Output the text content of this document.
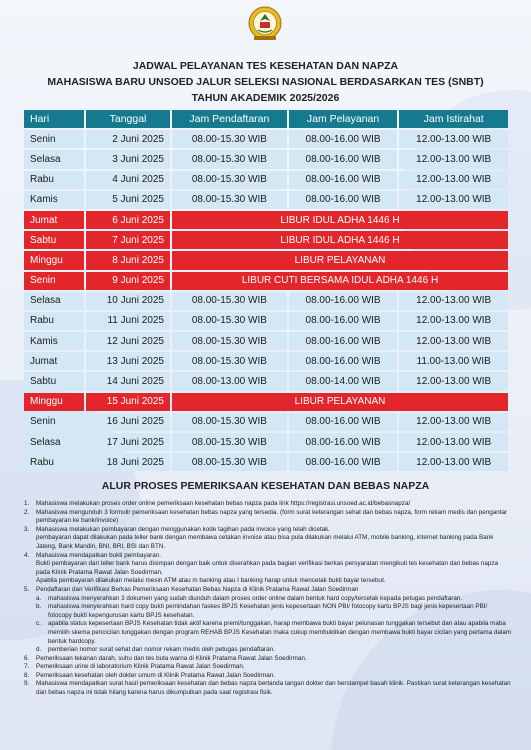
JADWAL PELAYANAN TES KESEHATAN DAN NAPZA
MAHASISWA BARU UNSOED JALUR SELEKSI NASIONAL BERDASARKAN TES (SNBT)
TAHUN AKADEMIK 2025/2026
Hari	Tanggal	Jam Pendaftaran	Jam Pelayanan	Jam Istirahat
Senin	2 Juni 2025	08.00-15.30 WIB	08.00-16.00 WIB	12.00-13.00 WIB
Selasa	3 Juni 2025	08.00-15.30 WIB	08.00-16.00 WIB	12.00-13.00 WIB
Rabu	4 Juni 2025	08.00-15.30 WIB	08.00-16.00 WIB	12.00-13.00 WIB
Kamis	5 Juni 2025	08.00-15.30 WIB	08.00-16.00 WIB	12.00-13.00 WIB
Jumat	6 Juni 2025	LIBUR IDUL ADHA 1446 H		
Sabtu	7 Juni 2025	LIBUR IDUL ADHA 1446 H		
Minggu	8 Juni 2025	LIBUR PELAYANAN		
Senin	9 Juni 2025	LIBUR CUTI BERSAMA IDUL ADHA 1446 H		
Selasa	10 Juni 2025	08.00-15.30 WIB	08.00-16.00 WIB	12.00-13.00 WIB
Rabu	11 Juni 2025	08.00-15.30 WIB	08.00-16.00 WIB	12.00-13.00 WIB
Kamis	12 Juni 2025	08.00-15.30 WIB	08.00-16.00 WIB	12.00-13.00 WIB
Jumat	13 Juni 2025	08.00-15.30 WIB	08.00-16.00 WIB	11.00-13.00 WIB
Sabtu	14 Juni 2025	08.00-13.00 WIB	08.00-14.00 WIB	12.00-13.00 WIB
Minggu	15 Juni 2025	LIBUR PELAYANAN		
Senin	16 Juni 2025	08.00-15.30 WIB	08.00-16.00 WIB	12.00-13.00 WIB
Selasa	17 Juni 2025	08.00-15.30 WIB	08.00-16.00 WIB	12.00-13.00 WIB
Rabu	18 Juni 2025	08.00-15.30 WIB	08.00-16.00 WIB	12.00-13.00 WIB
ALUR PROSES PEMERIKSAAN KESEHATAN DAN BEBAS NAPZA
1. Mahasiswa melakukan proses order online pemeriksaan kesehatan bebas napza pada link https://registrasi.unsoed.ac.id/bebasnapza/
2. Mahasiswa mengunduh 3 formulir pemeriksaan kesehatan bebas napza yang tersedia. (form surat keterangan sehat dan bebas napza, form rekam medis dan pengantar pembayaran ke bank/invoice)
3. Mahasiswa melakukan pembayaran dengan menggunakan kode tagihan pada invoice yang telah dicetak.
pembayaran dapat dilakukan pada teller bank dengan membawa cetakan invoice atau bisa pula dilakukan melalui ATM, mobile banking, internet banking pada Bank Jateng, Bank Mandiri, BNI, BRI, BSI dan BTN.
4. Mahasiswa mendapatkan bukti pembayaran.
Bukti pembayaran dari teller bank harus disimpan dengan baik untuk diserahkan pada bagian verifikasi berkas persyaratan mengikuti tes kesehatan dan bebas napza pada Klinik Pratama Rawat Jalan Soedirman.
Apabila pembayaran dilakukan melalui mesin ATM atau m banking atau I banking harap untuk mencetak bukti bayar tersebut.
5. Pendaftaran dan Verifikasi Berkas Pemeriksaan Kesehatan Bebas Napza di Klinik Pratama Rawat Jalan Soedirman
a. mahasiswa menyerahkan 3 dokumen yang sudah diunduh dalam proses order online dalam bentuk hard copy/tercetak kepada petugas pendaftaran.
b. mahasiswa menyerahkan hard copy bukti pemindahan faskes BPJS Kesehatan jenis kepesertaan NON PBI/ fotocopy kartu BPJS bagi jenis kepesertaan PBI/ fotocopy bukti kepengurusan kartu BPJS kesehatan.
c. apabila status kepesertaan BPJS Kesehatan tidak aktif karena premi/tunggakan, harap membawa bukti bayar pelunasan tunggakan tersebut dan atau apabila maba memilih skema pencicilan tunggakan dengan program REHAB BPJS Kesehatan maka cukup membuktikan dengan membawa bukti bayar cicilan yang pertama dalam bentuk hardcopy.
d. pemberian nomor surat sehat dan nomor rekam medis oleh petugas pendaftaran.
6. Pemeriksaan tekanan darah, suhu dan tes buta warna di Klinik Pratama Rawat Jalan Soedirman.
7. Pemeriksaan urine di laboratorium Klinik Pratama Rawat Jalan Soedirman.
8. Pemeriksaan kesehatan oleh dokter umum di Klinik Pratama Rawat Jalan Soedirman.
9. Mahasiswa mendapatkan surat hasil pemeriksaan kesehatan dan bebas napza bertanda tangan dokter dan berstampel basah klinik. Pastikan surat keterangan kesehatan dan bebas napza ini tidak hilang karena harus dikumpulkan pada saat registrasi fisik.
